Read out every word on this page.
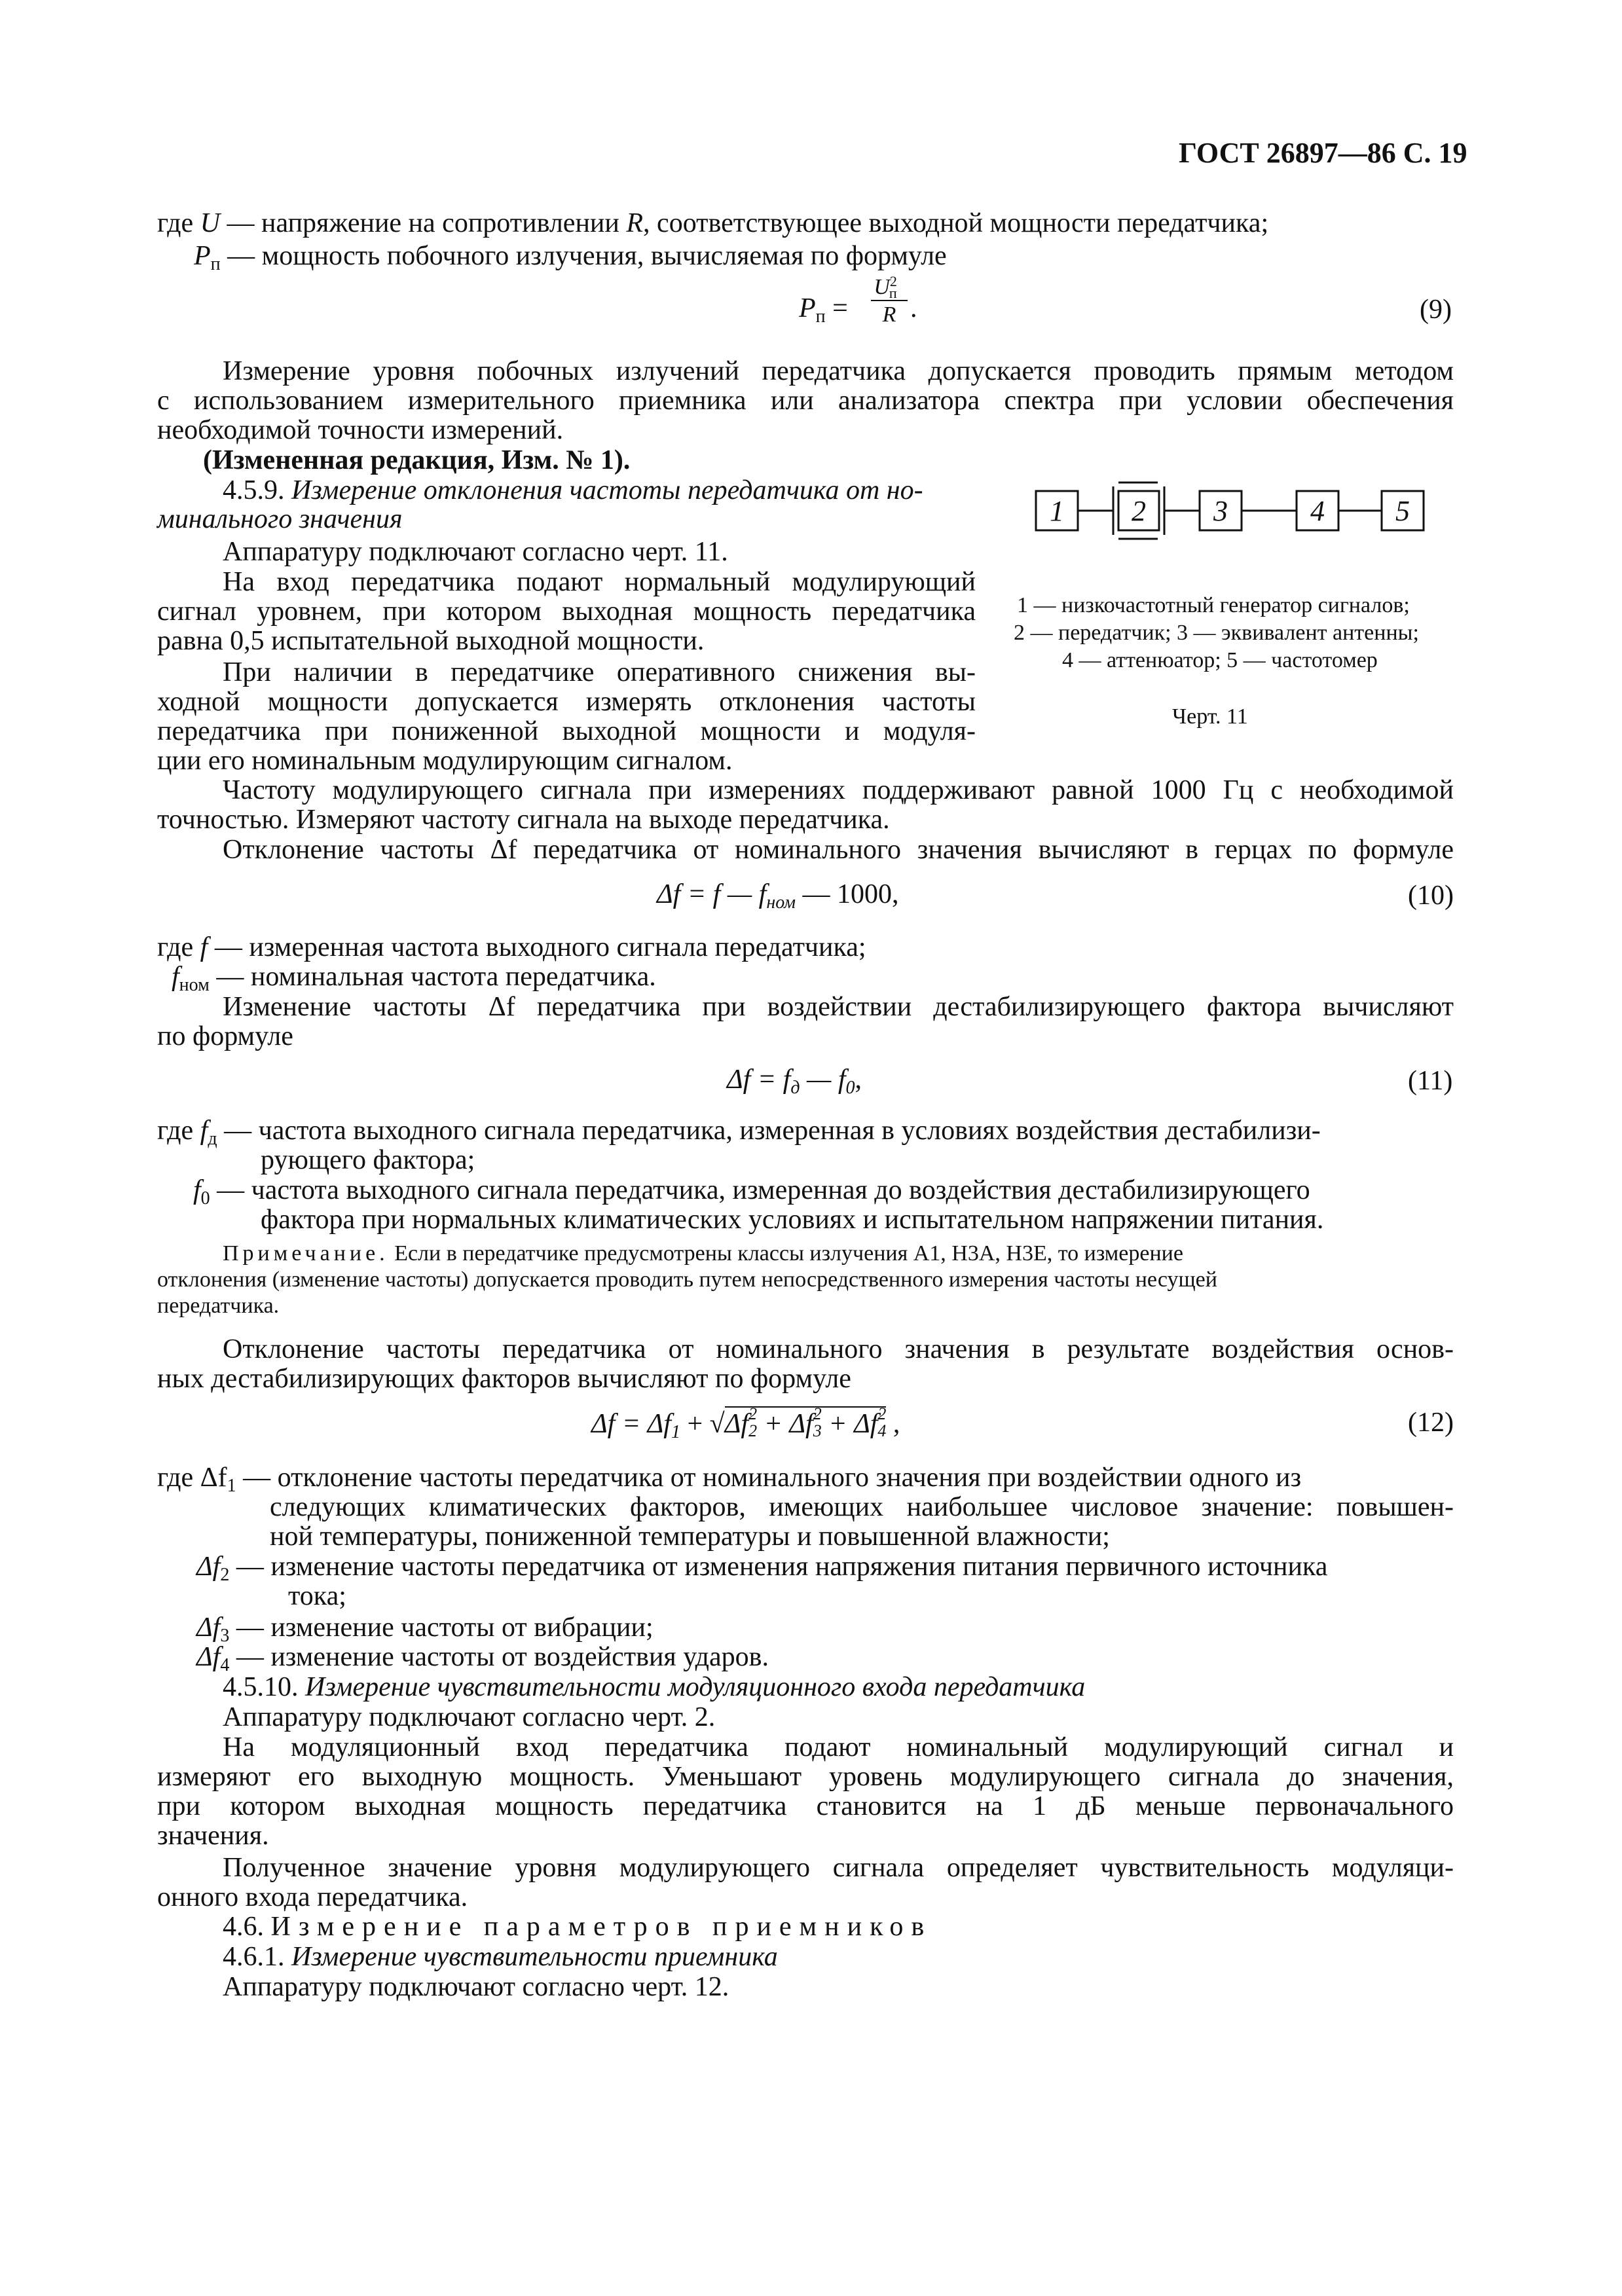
ГОСТ 26897—86 С. 19
где U — напряжение на сопротивлении R, соответствующее выходной мощности передатчика;
Pп — мощность побочного излучения, вычисляемая по формуле
Pп =
$U^2п$
R .	(9)
Измерение уровня побочных излучений передатчика допускается проводить прямым методом
с использованием измерительного приемника или анализатора спектра при условии обеспечения
необходимой точности измерений.
(Измененная редакция, Изм. № 1).
4.5.9. Измерение отклонения частоты передатчика от но-
минального значения
Аппаратуру подключают согласно черт. 11.
На вход передатчика подают нормальный модулирующий
сигнал уровнем, при котором выходная мощность передатчика
равна 0,5 испытательной выходной мощности.
При наличии в передатчике оперативного снижения вы-
ходной мощности допускается измерять отклонения частоты
передатчика при пониженной выходной мощности и модуля-
ции его номинальным модулирующим сигналом.
1 2 3	4 5
1 — низкочастотный генератор сигналов;
2 — передатчик; 3 — эквивалент антенны;
4 — аттенюатор; 5 — частотомер
Черт. 11
Частоту модулирующего сигнала при измерениях поддерживают равной 1000 Гц с необходимой
точностью. Измеряют частоту сигнала на выходе передатчика.
Отклонение частоты Δf передатчика от номинального значения вычисляют в герцах по формуле
Δf = f — fном — 1000,	(10)
где f — измеренная частота выходного сигнала передатчика;
fном — номинальная частота передатчика.
Изменение частоты Δf передатчика при воздействии дестабилизирующего фактора вычисляют
по формуле
Δf = fд — f0,	(11)
где fд — частота выходного сигнала передатчика, измеренная в условиях воздействия дестабилизи-
рующего фактора;
f0 — частота выходного сигнала передатчика, измеренная до воздействия дестабилизирующего
фактора при нормальных климатических условиях и испытательном напряжении питания.
Примечание. Если в передатчике предусмотрены классы излучения А1, Н3А, Н3Е, то измерение
отклонения (изменение частоты) допускается проводить путем непосредственного измерения частоты несущей
передатчика.
Отклонение частоты передатчика от номинального значения в результате воздействия основ-
ных дестабилизирующих факторов вычисляют по формуле
Δf = Δf1 + √Δf 2
2 + Δf 2
3 + Δf 2
4 ,	(12)
где Δf1 — отклонение частоты передатчика от номинального значения при воздействии одного из
следующих климатических факторов, имеющих наибольшее числовое значение: повышен-
ной температуры, пониженной температуры и повышенной влажности;
Δf2 — изменение частоты передатчика от изменения напряжения питания первичного источника
тока;
Δf3 — изменение частоты от вибрации;
Δf4 — изменение частоты от воздействия ударов.
4.5.10. Измерение чувствительности модуляционного входа передатчика
Аппаратуру подключают согласно черт. 2.
На модуляционный вход передатчика подают номинальный модулирующий сигнал и
измеряют его выходную мощность. Уменьшают уровень модулирующего сигнала до значения,
при котором выходная мощность передатчика становится на 1 дБ меньше первоначального
значения.
Полученное значение уровня модулирующего сигнала определяет чувствительность модуляци-
онного входа передатчика.
4.6. Измерение параметров приемников
4.6.1. Измерение чувствительности приемника
Аппаратуру подключают согласно черт. 12.
